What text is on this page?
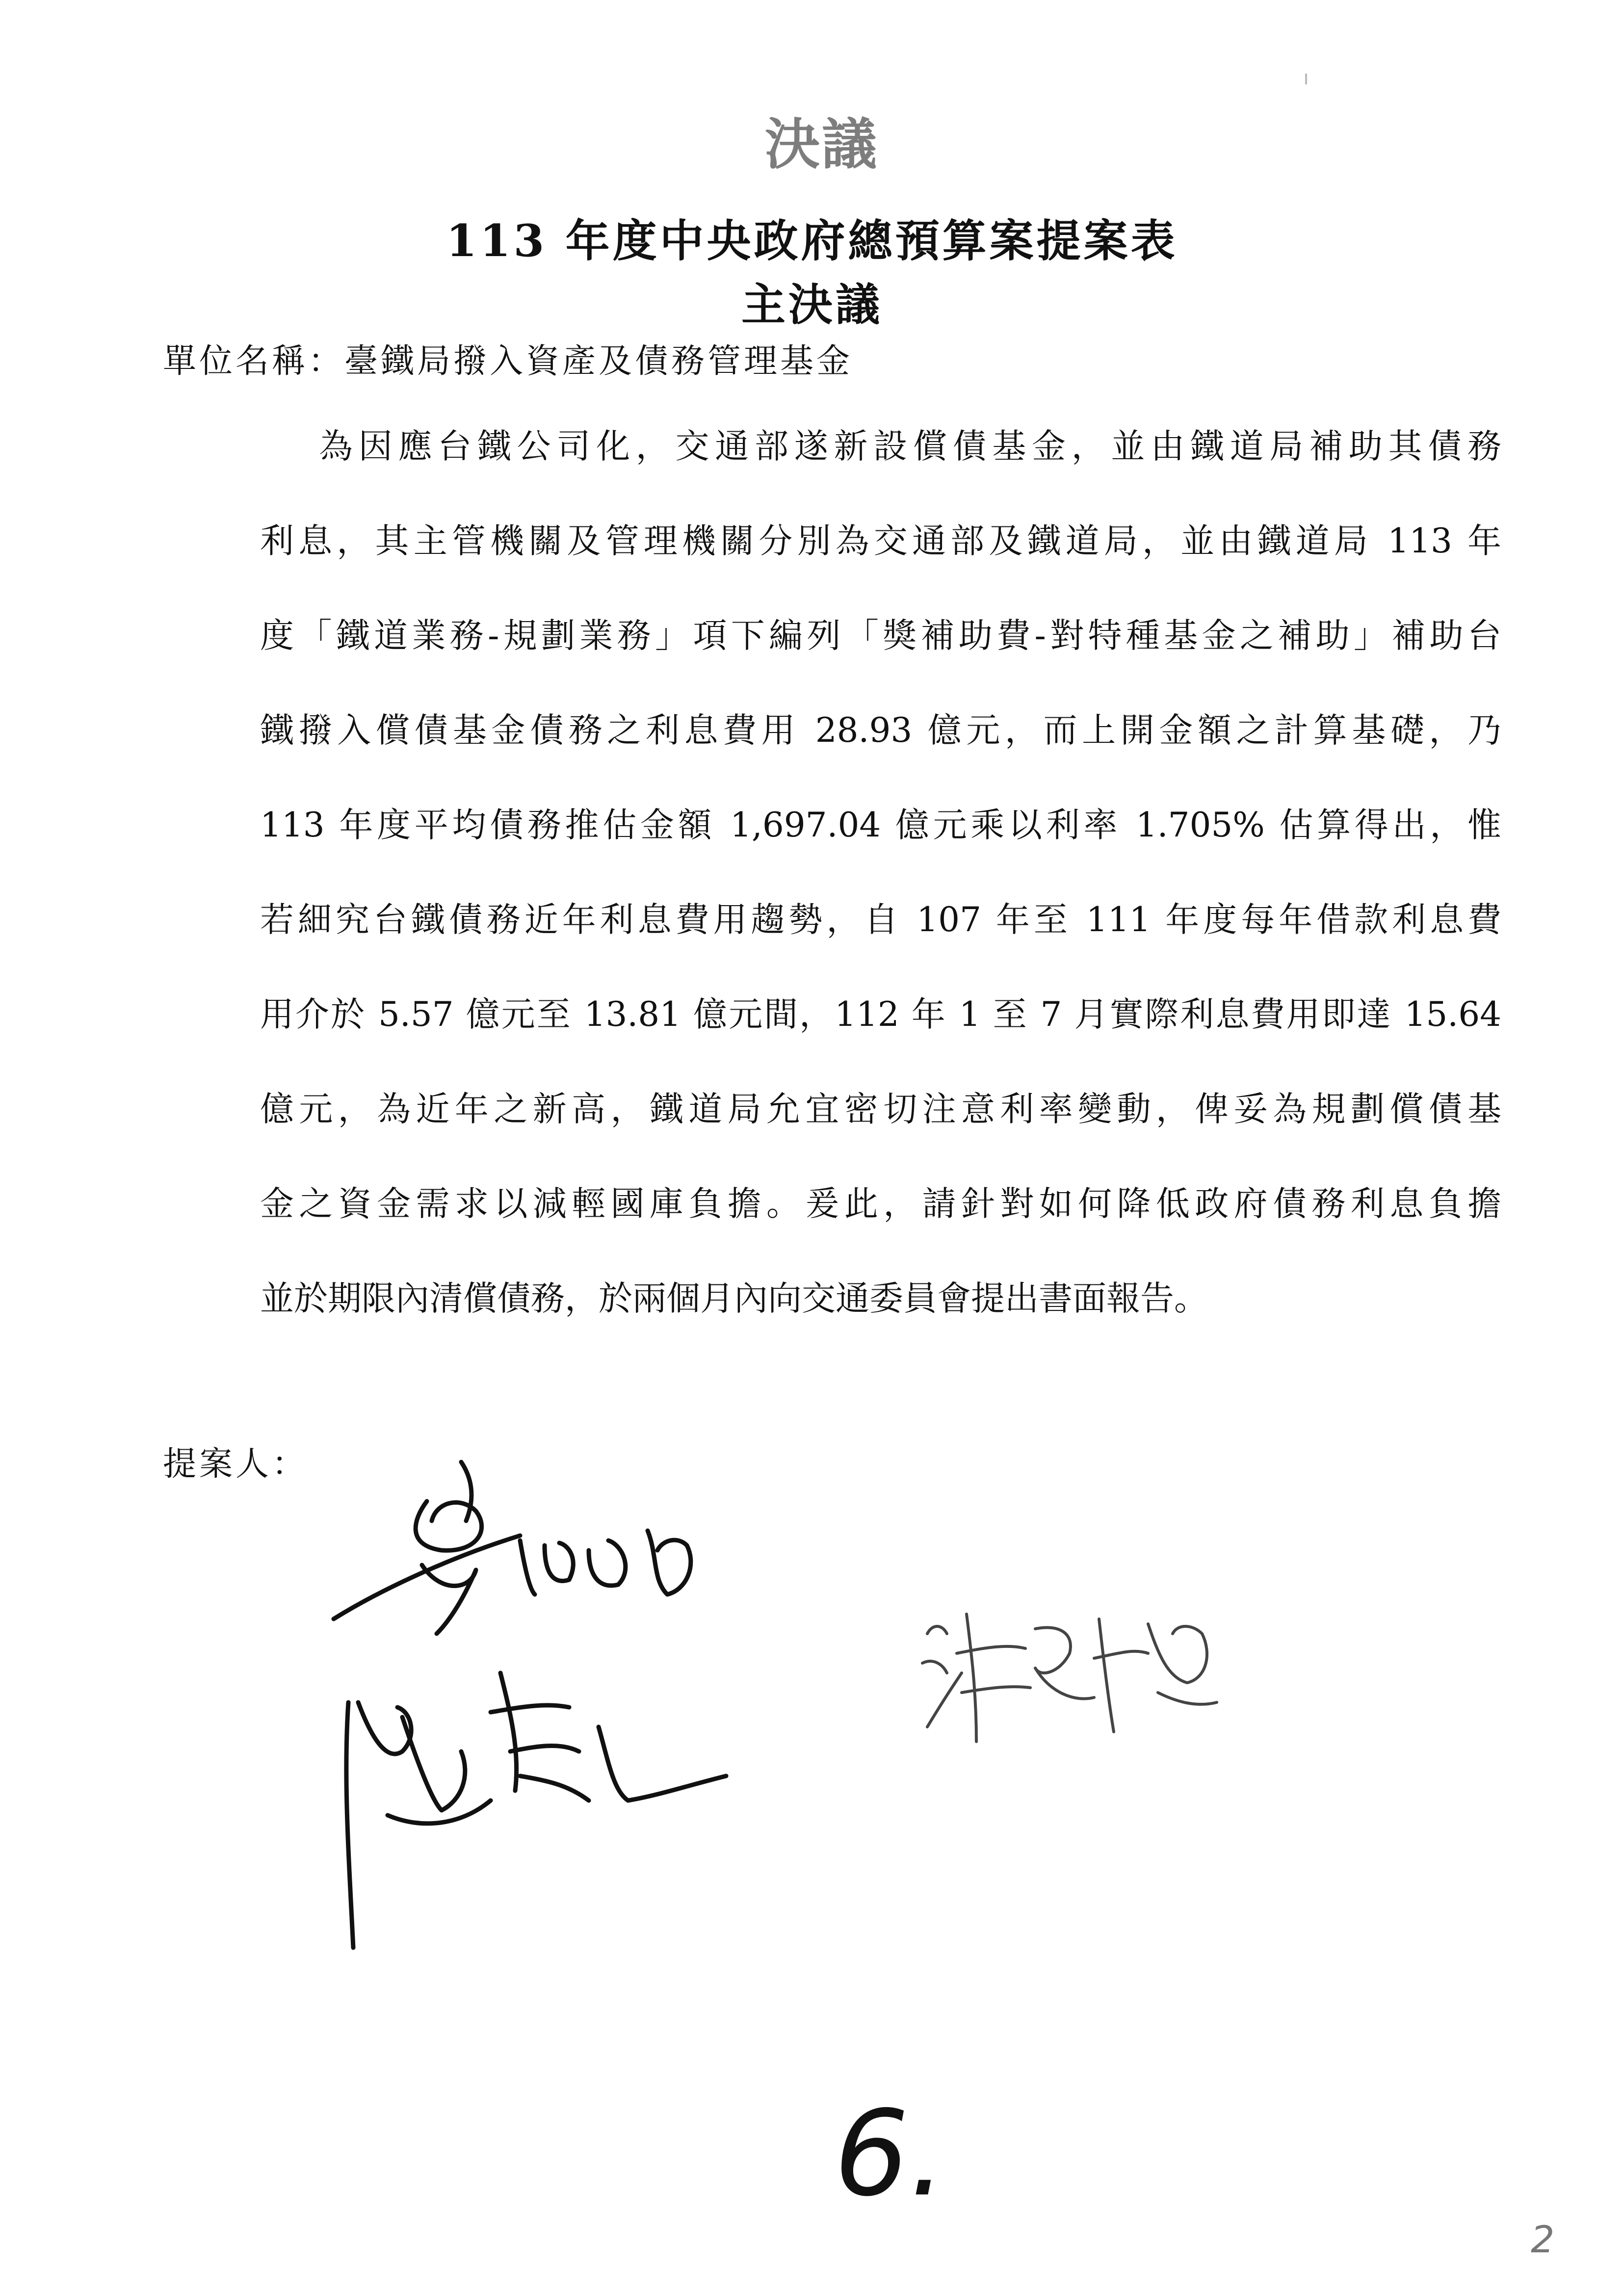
決議
113 年度中央政府總預算案提案表
主決議
單位名稱：臺鐵局撥入資產及債務管理基金
為因應台鐵公司化，交通部遂新設償債基金，並由鐵道局補助其債務
利息，其主管機關及管理機關分別為交通部及鐵道局，並由鐵道局 113 年
度「鐵道業務-規劃業務」項下編列「獎補助費-對特種基金之補助」補助台
鐵撥入償債基金債務之利息費用 28.93 億元，而上開金額之計算基礎，乃
113 年度平均債務推估金額 1,697.04 億元乘以利率 1.705% 估算得出，惟
若細究台鐵債務近年利息費用趨勢，自 107 年至 111 年度每年借款利息費
用介於 5.57 億元至 13.81 億元間，112 年 1 至 7 月實際利息費用即達 15.64
億元，為近年之新高，鐵道局允宜密切注意利率變動，俾妥為規劃償債基
金之資金需求以減輕國庫負擔。爰此，請針對如何降低政府債務利息負擔
並於期限內清償債務，於兩個月內向交通委員會提出書面報告。
提案人：
6.
2
